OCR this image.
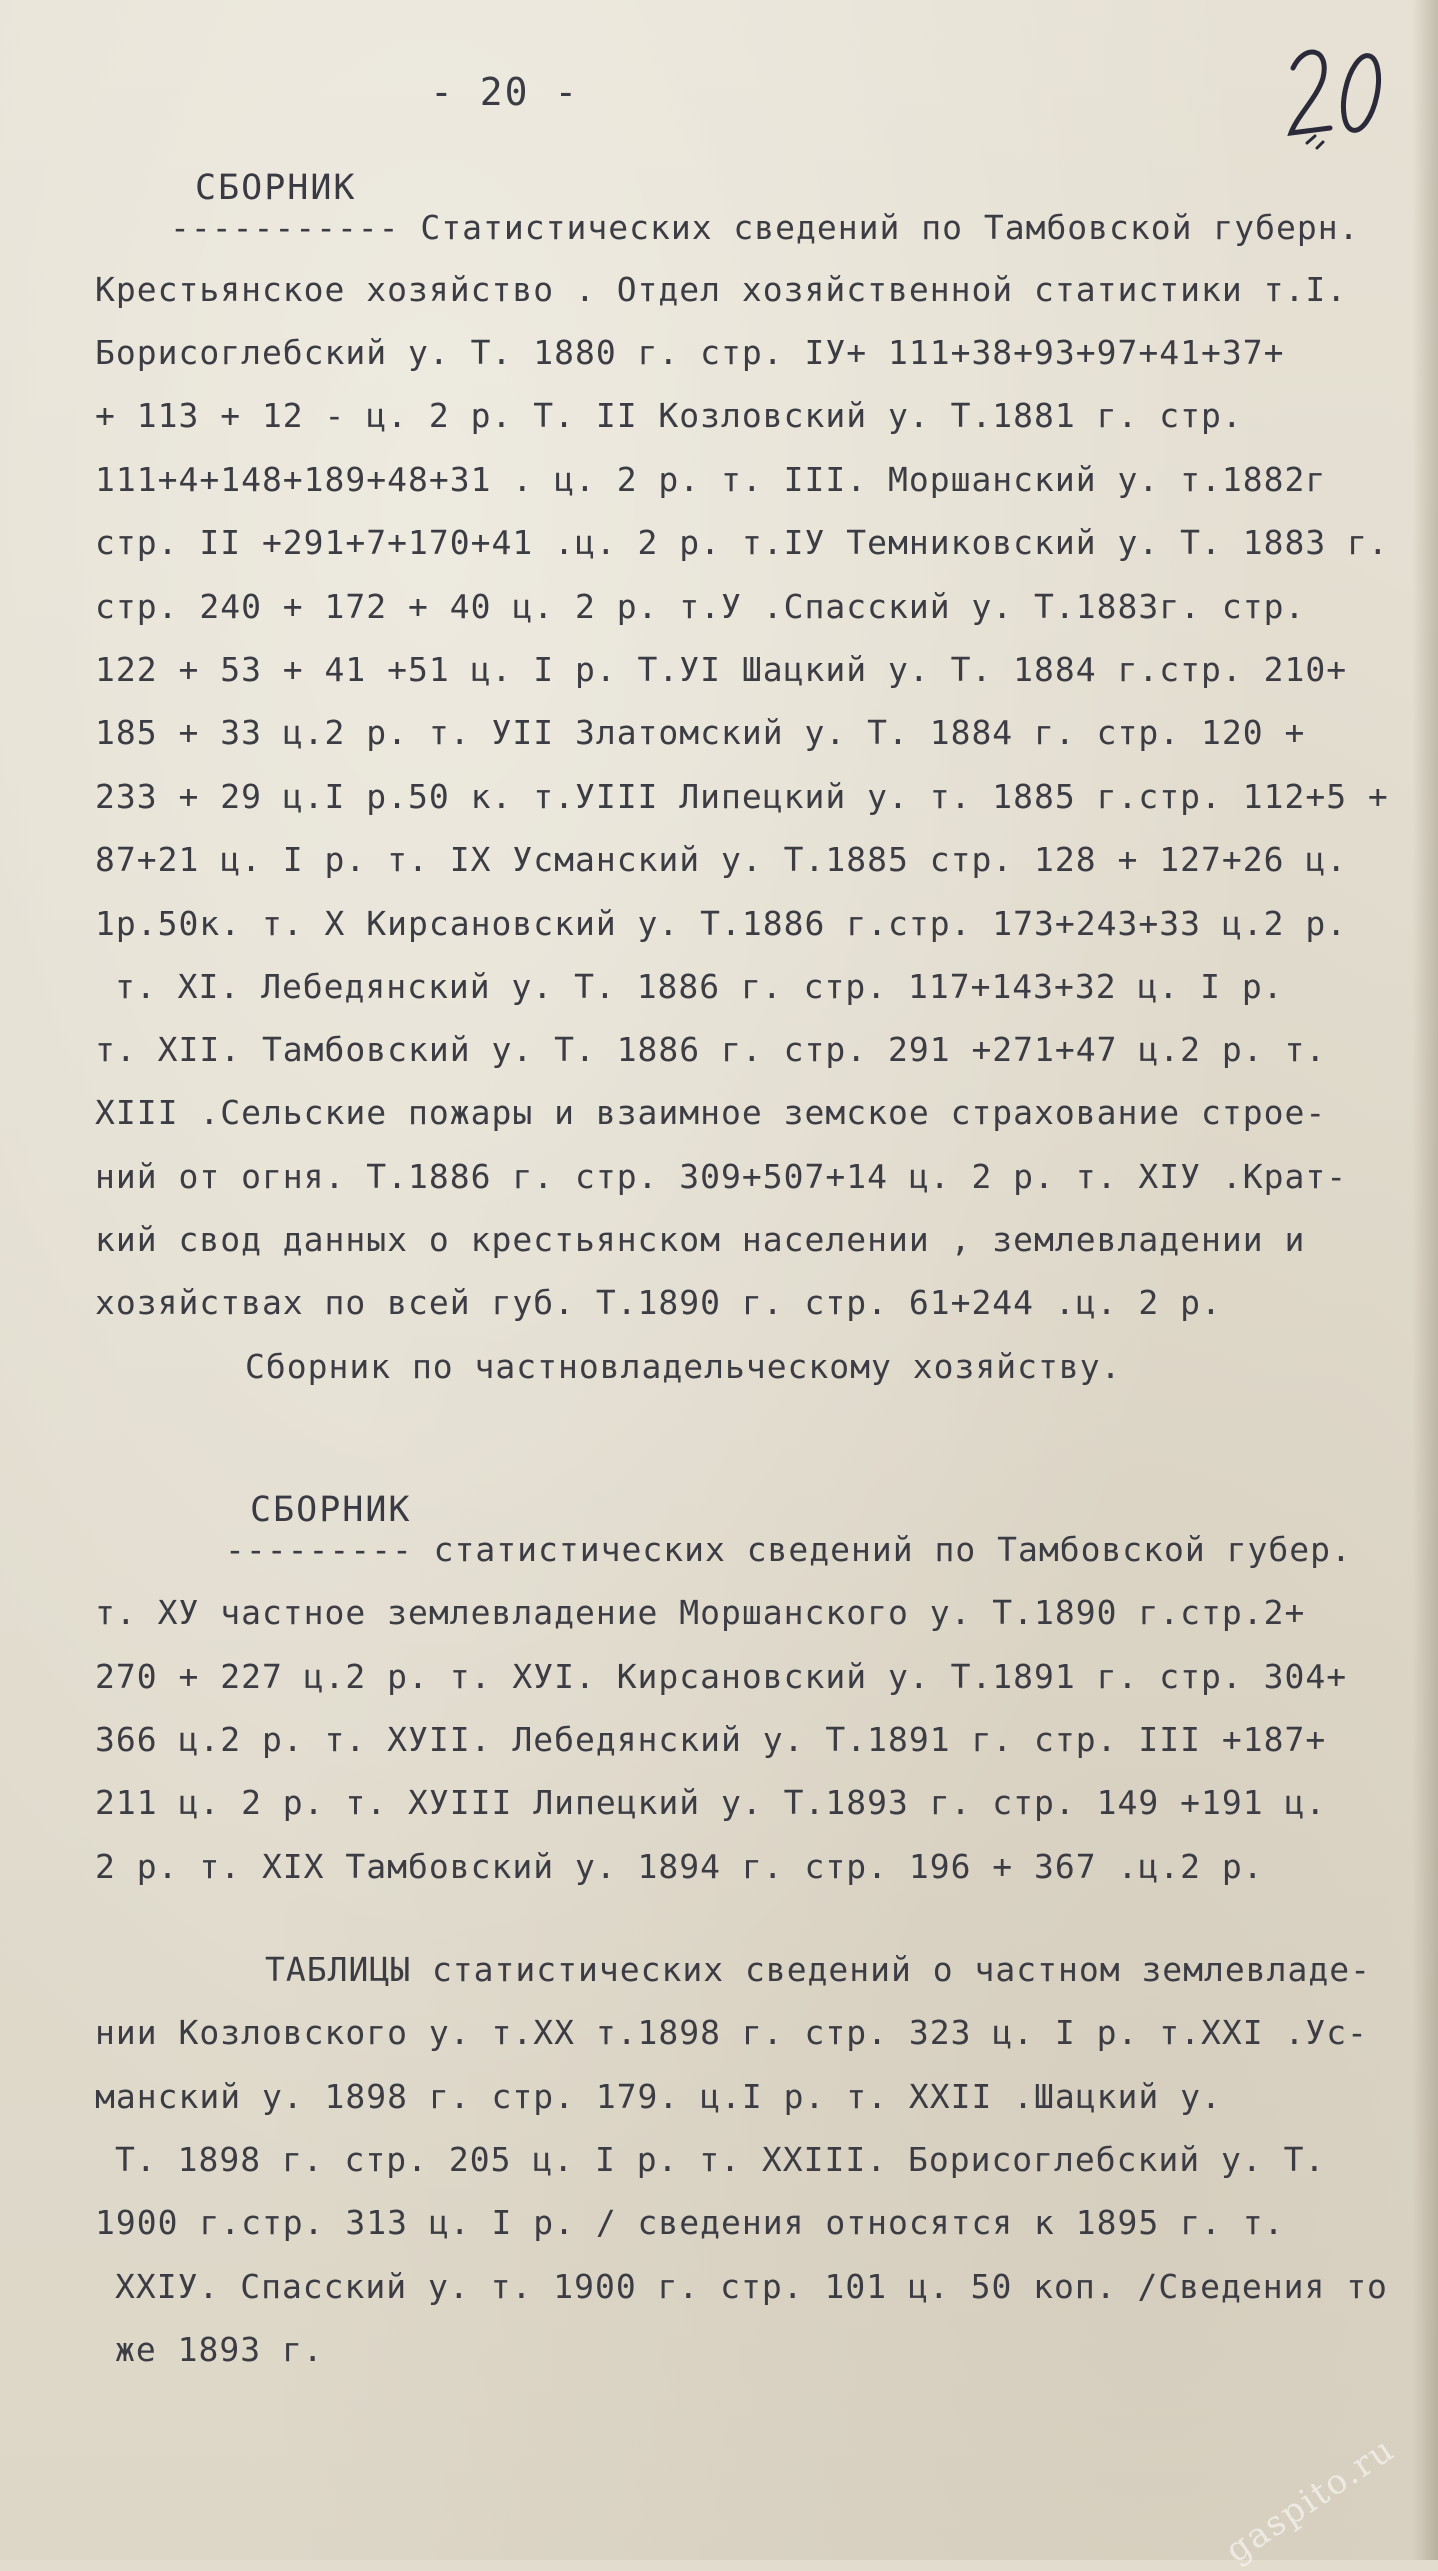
- 20 -
СБОРНИК
----------- Статистических сведений по Тамбовской губерн.
Крестьянское хозяйство . Отдел хозяйственной статистики т.I.
Борисоглебский у. Т. 1880 г. стр. IУ+ 111+38+93+97+41+37+
+ 113 + 12 - ц. 2 р. Т. II Козловский у. Т.1881 г. стр.
111+4+148+189+48+31 . ц. 2 р. т. III. Моршанский у. т.1882г
стр. II +291+7+170+41 .ц. 2 р. т.IУ Темниковский у. Т. 1883 г.
стр. 240 + 172 + 40 ц. 2 р. т.У .Спасский у. Т.1883г. стр.
122 + 53 + 41 +51 ц. I р. Т.УI Шацкий у. Т. 1884 г.стр. 210+
185 + 33 ц.2 р. т. УII Златомский у. Т. 1884 г. стр. 120 +
233 + 29 ц.I р.50 к. т.УIII Липецкий у. т. 1885 г.стр. 112+5 +
87+21 ц. I р. т. IХ Усманский у. Т.1885 стр. 128 + 127+26 ц.
1р.50к. т. Х Кирсановский у. Т.1886 г.стр. 173+243+33 ц.2 р.
т. ХI. Лебедянский у. Т. 1886 г. стр. 117+143+32 ц. I р.
т. ХII. Тамбовский у. Т. 1886 г. стр. 291 +271+47 ц.2 р. т.
ХIII .Сельские пожары и взаимное земское страхование строе-
ний от огня. Т.1886 г. стр. 309+507+14 ц. 2 р. т. ХIУ .Крат-
кий свод данных о крестьянском населении , землевладении и
хозяйствах по всей губ. Т.1890 г. стр. 61+244 .ц. 2 р.
Сборник по частновладельческому хозяйству.
СБОРНИК
--------- статистических сведений по Тамбовской губер.
т. ХУ частное землевладение Моршанского у. Т.1890 г.стр.2+
270 + 227 ц.2 р. т. ХУI. Кирсановский у. Т.1891 г. стр. 304+
366 ц.2 р. т. ХУII. Лебедянский у. Т.1891 г. стр. III +187+
211 ц. 2 р. т. ХУIII Липецкий у. Т.1893 г. стр. 149 +191 ц.
2 р. т. ХIХ Тамбовский у. 1894 г. стр. 196 + 367 .ц.2 р.
ТАБЛИЦЫ статистических сведений о частном землевладе-
нии Козловского у. т.ХХ т.1898 г. стр. 323 ц. I р. т.ХХI .Ус-
манский у. 1898 г. стр. 179. ц.I р. т. ХХII .Шацкий у.
Т. 1898 г. стр. 205 ц. I р. т. ХХIII. Борисоглебский у. Т.
1900 г.стр. 313 ц. I р. / сведения относятся к 1895 г. т.
ХХIУ. Спасский у. т. 1900 г. стр. 101 ц. 50 коп. /Сведения то
же 1893 г.
gaspito.ru
